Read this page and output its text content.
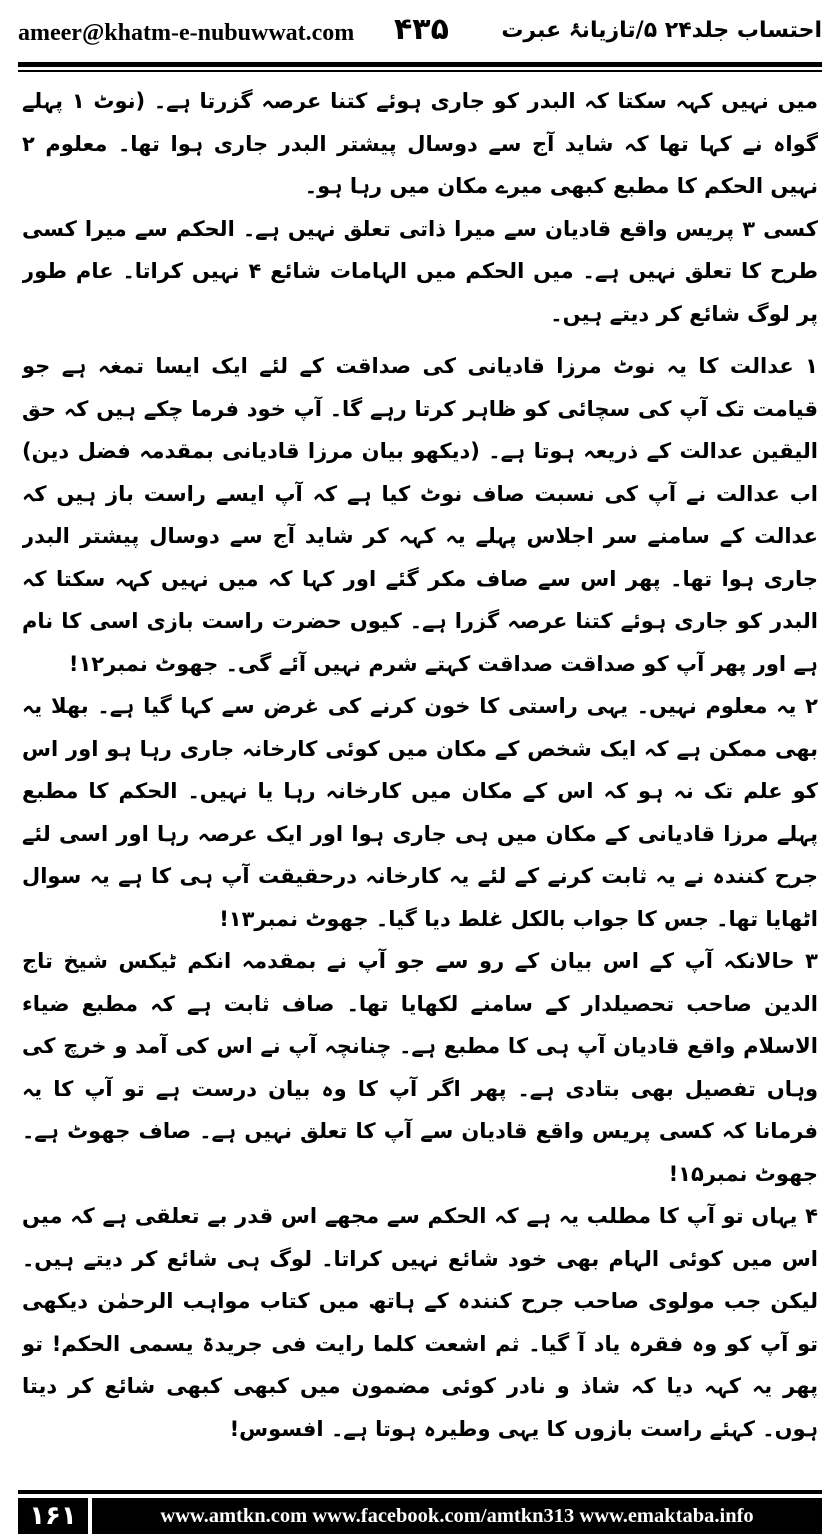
ameer@khatm-e-nubuwwat.com ۴۳۵ احتساب جلد۲۴ ۵/تازیانۂ عبرت

میں نہیں کہہ سکتا کہ البدر کو جاری ہوئے کتنا عرصہ گزرتا ہے۔ (نوٹ ۱ پہلے گواہ نے کہا تھا کہ شاید آج سے دوسال پیشتر البدر جاری ہوا تھا۔ معلوم ۲ نہیں الحکم کا مطبع کبھی میرے مکان میں رہا ہو۔

کسی ۳ پریس واقع قادیان سے میرا ذاتی تعلق نہیں ہے۔ الحکم سے میرا کسی طرح کا تعلق نہیں ہے۔ میں الحکم میں الہامات شائع ۴ نہیں کراتا۔ عام طور پر لوگ شائع کر دیتے ہیں۔

۱ عدالت کا یہ نوٹ مرزا قادیانی کی صداقت کے لئے ایک ایسا تمغہ ہے جو قیامت تک آپ کی سچائی کو ظاہر کرتا رہے گا۔ آپ خود فرما چکے ہیں کہ حق الیقین عدالت کے ذریعہ ہوتا ہے۔ (دیکھو بیان مرزا قادیانی بمقدمہ فضل دین) اب عدالت نے آپ کی نسبت صاف نوٹ کیا ہے کہ آپ ایسے راست باز ہیں کہ عدالت کے سامنے سر اجلاس پہلے یہ کہہ کر شاید آج سے دوسال پیشتر البدر جاری ہوا تھا۔ پھر اس سے صاف مکر گئے اور کہا کہ میں نہیں کہہ سکتا کہ البدر کو جاری ہوئے کتنا عرصہ گزرا ہے۔ کیوں حضرت راست بازی اسی کا نام ہے اور پھر آپ کو صداقت صداقت کہتے شرم نہیں آئے گی۔ جھوٹ نمبر۱۲!

۲ یہ معلوم نہیں۔ یہی راستی کا خون کرنے کی غرض سے کہا گیا ہے۔ بھلا یہ بھی ممکن ہے کہ ایک شخص کے مکان میں کوئی کارخانہ جاری رہا ہو اور اس کو علم تک نہ ہو کہ اس کے مکان میں کارخانہ رہا یا نہیں۔ الحکم کا مطبع پہلے مرزا قادیانی کے مکان میں ہی جاری ہوا اور ایک عرصہ رہا اور اسی لئے جرح کنندہ نے یہ ثابت کرنے کے لئے یہ کارخانہ درحقیقت آپ ہی کا ہے یہ سوال اٹھایا تھا۔ جس کا جواب بالکل غلط دیا گیا۔ جھوٹ نمبر۱۳!

۳ حالانکہ آپ کے اس بیان کے رو سے جو آپ نے بمقدمہ انکم ٹیکس شیخ تاج الدین صاحب تحصیلدار کے سامنے لکھایا تھا۔ صاف ثابت ہے کہ مطبع ضیاء الاسلام واقع قادیان آپ ہی کا مطبع ہے۔ چنانچہ آپ نے اس کی آمد و خرچ کی وہاں تفصیل بھی بتادی ہے۔ پھر اگر آپ کا وہ بیان درست ہے تو آپ کا یہ فرمانا کہ کسی پریس واقع قادیان سے آپ کا تعلق نہیں ہے۔ صاف جھوٹ ہے۔ جھوٹ نمبر۱۵!

۴ یہاں تو آپ کا مطلب یہ ہے کہ الحکم سے مجھے اس قدر بے تعلقی ہے کہ میں اس میں کوئی الہام بھی خود شائع نہیں کراتا۔ لوگ ہی شائع کر دیتے ہیں۔ لیکن جب مولوی صاحب جرح کنندہ کے ہاتھ میں کتاب مواہب الرحمٰن دیکھی تو آپ کو وہ فقرہ یاد آ گیا۔ ثم اشعت کلما رایت فی جریدۃ یسمی الحکم! تو پھر یہ کہہ دیا کہ شاذ و نادر کوئی مضمون میں کبھی کبھی شائع کر دیتا ہوں۔ کہئے راست بازوں کا یہی وطیرہ ہوتا ہے۔ افسوس!

۱۶۱	www.amtkn.com www.facebook.com/amtkn313 www.emaktaba.info
